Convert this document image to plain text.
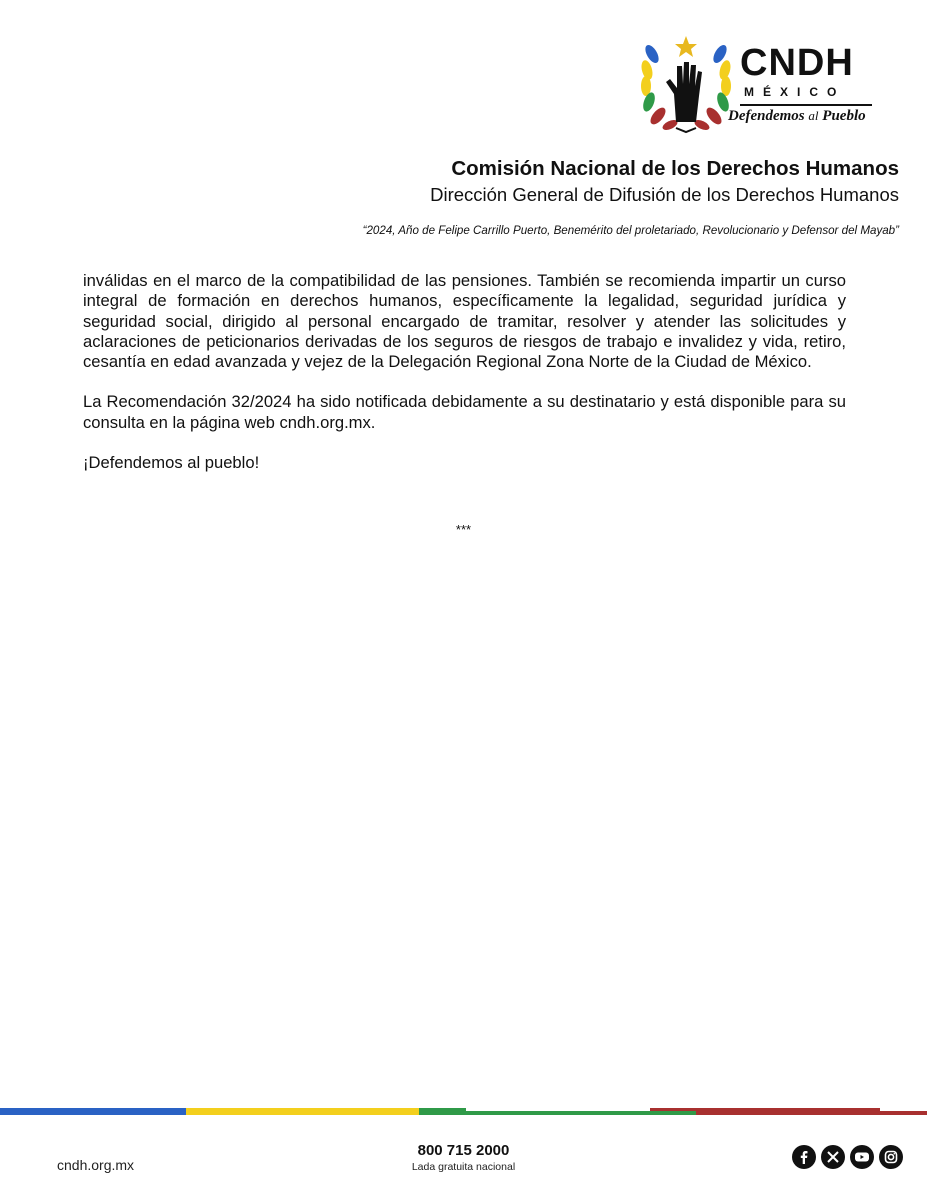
CNDH
MÉXICO
Defendemos al Pueblo
Comisión Nacional de los Derechos Humanos
Dirección General de Difusión de los Derechos Humanos
“2024, Año de Felipe Carrillo Puerto, Benemérito del proletariado, Revolucionario y Defensor del Mayab”

inválidas en el marco de la compatibilidad de las pensiones. También se recomienda impartir un curso integral de formación en derechos humanos, específicamente la legalidad, seguridad jurídica y seguridad social, dirigido al personal encargado de tramitar, resolver y atender las solicitudes y aclaraciones de peticionarios derivadas de los seguros de riesgos de trabajo e invalidez y vida, retiro, cesantía en edad avanzada y vejez de la Delegación Regional Zona Norte de la Ciudad de México.

La Recomendación 32/2024 ha sido notificada debidamente a su destinatario y está disponible para su consulta en la página web cndh.org.mx.

¡Defendemos al pueblo!

***
cndh.org.mx
800 715 2000
Lada gratuita nacional
